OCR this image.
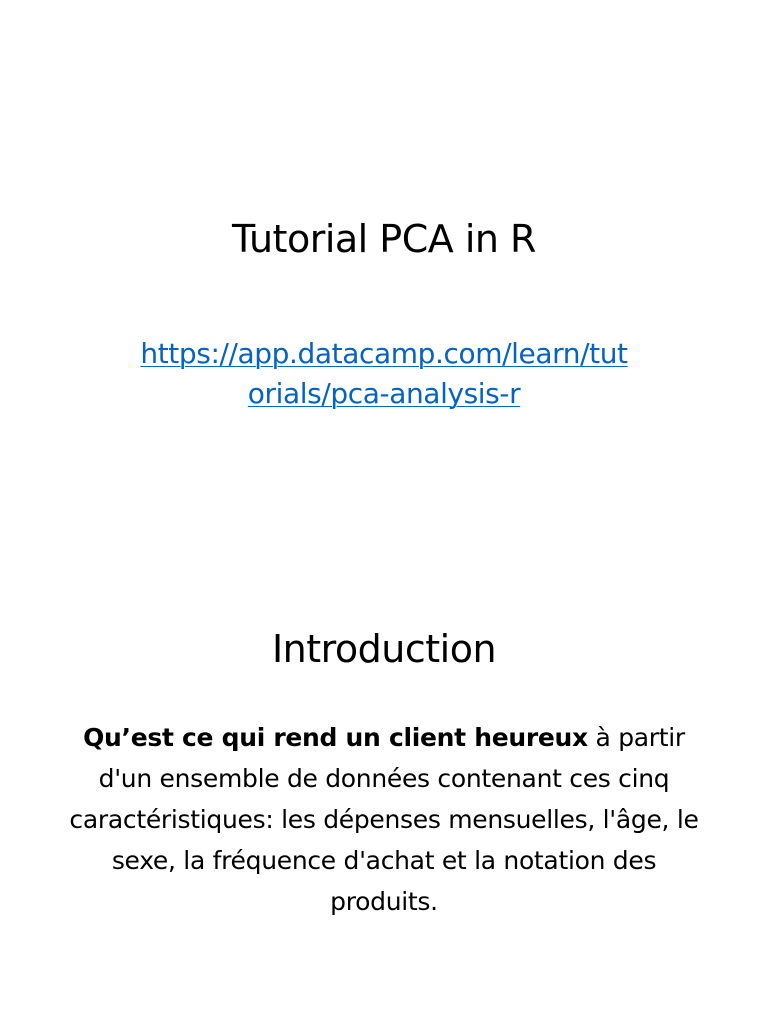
Tutorial PCA in R
https://app.datacamp.com/learn/tut
orials/pca-analysis-r
Introduction

Qu’est ce qui rend un client heureux à partir d'un ensemble de données contenant ces cinq caractéristiques: les dépenses mensuelles, l'âge, le sexe, la fréquence d'achat et la notation des produits.
